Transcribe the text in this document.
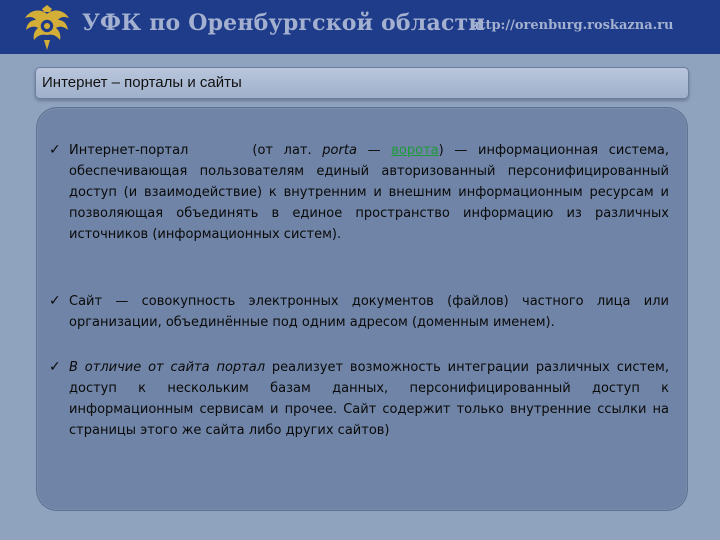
УФК по Оренбургской области
http://orenburg.roskazna.ru
Интернет – порталы и сайты
✓ Интернет-портал	(от лат. porta — ворота) — информационная система, обеспечивающая пользователям единый авторизованный персонифицированный доступ (и взаимодействие) к внутренним и внешним информационным ресурсам и позволяющая объединять в единое пространство информацию из различных источников (информационных систем).
✓ Сайт — совокупность электронных документов (файлов) частного лица или организации, объединённые под одним адресом (доменным именем).
✓ В отличие от сайта портал реализует возможность интеграции различных систем, доступ к нескольким базам данных, персонифицированный доступ к информационным сервисам и прочее. Сайт содержит только внутренние ссылки на страницы этого же сайта либо других сайтов)
